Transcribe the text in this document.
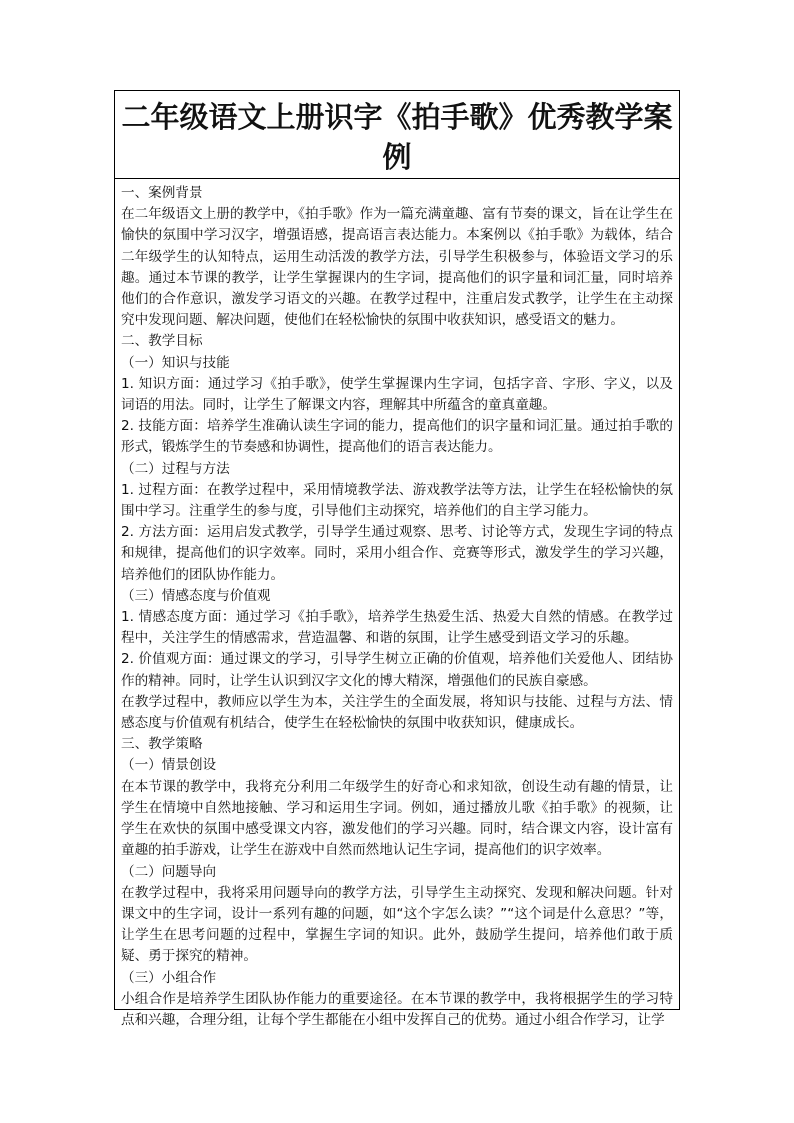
二年级语文上册识字《拍手歌》优秀教学案例

一、案例背景

在二年级语文上册的教学中，《拍手歌》作为一篇充满童趣、富有节奏的课文，旨在让学生在愉快的氛围中学习汉字，增强语感，提高语言表达能力。本案例以《拍手歌》为载体，结合二年级学生的认知特点，运用生动活泼的教学方法，引导学生积极参与，体验语文学习的乐趣。通过本节课的教学，让学生掌握课内的生字词，提高他们的识字量和词汇量，同时培养他们的合作意识，激发学习语文的兴趣。在教学过程中，注重启发式教学，让学生在主动探究中发现问题、解决问题，使他们在轻松愉快的氛围中收获知识，感受语文的魅力。

二、教学目标

（一）知识与技能

1. 知识方面：通过学习《拍手歌》，使学生掌握课内生字词，包括字音、字形、字义，以及词语的用法。同时，让学生了解课文内容，理解其中所蕴含的童真童趣。

2. 技能方面：培养学生准确认读生字词的能力，提高他们的识字量和词汇量。通过拍手歌的形式，锻炼学生的节奏感和协调性，提高他们的语言表达能力。

（二）过程与方法

1. 过程方面：在教学过程中，采用情境教学法、游戏教学法等方法，让学生在轻松愉快的氛围中学习。注重学生的参与度，引导他们主动探究，培养他们的自主学习能力。

2. 方法方面：运用启发式教学，引导学生通过观察、思考、讨论等方式，发现生字词的特点和规律，提高他们的识字效率。同时，采用小组合作、竞赛等形式，激发学生的学习兴趣，培养他们的团队协作能力。

（三）情感态度与价值观

1. 情感态度方面：通过学习《拍手歌》，培养学生热爱生活、热爱大自然的情感。在教学过程中，关注学生的情感需求，营造温馨、和谐的氛围，让学生感受到语文学习的乐趣。

2. 价值观方面：通过课文的学习，引导学生树立正确的价值观，培养他们关爱他人、团结协作的精神。同时，让学生认识到汉字文化的博大精深，增强他们的民族自豪感。

在教学过程中，教师应以学生为本，关注学生的全面发展，将知识与技能、过程与方法、情感态度与价值观有机结合，使学生在轻松愉快的氛围中收获知识，健康成长。

三、教学策略

（一）情景创设

在本节课的教学中，我将充分利用二年级学生的好奇心和求知欲，创设生动有趣的情景，让学生在情境中自然地接触、学习和运用生字词。例如，通过播放儿歌《拍手歌》的视频，让学生在欢快的氛围中感受课文内容，激发他们的学习兴趣。同时，结合课文内容，设计富有童趣的拍手游戏，让学生在游戏中自然而然地认记生字词，提高他们的识字效率。

（二）问题导向

在教学过程中，我将采用问题导向的教学方法，引导学生主动探究、发现和解决问题。针对课文中的生字词，设计一系列有趣的问题，如“这个字怎么读？”“这个词是什么意思？”等，让学生在思考问题的过程中，掌握生字词的知识。此外，鼓励学生提问，培养他们敢于质疑、勇于探究的精神。

（三）小组合作

小组合作是培养学生团队协作能力的重要途径。在本节课的教学中，我将根据学生的学习特点和兴趣，合理分组，让每个学生都能在小组中发挥自己的优势。通过小组合作学习，让学
